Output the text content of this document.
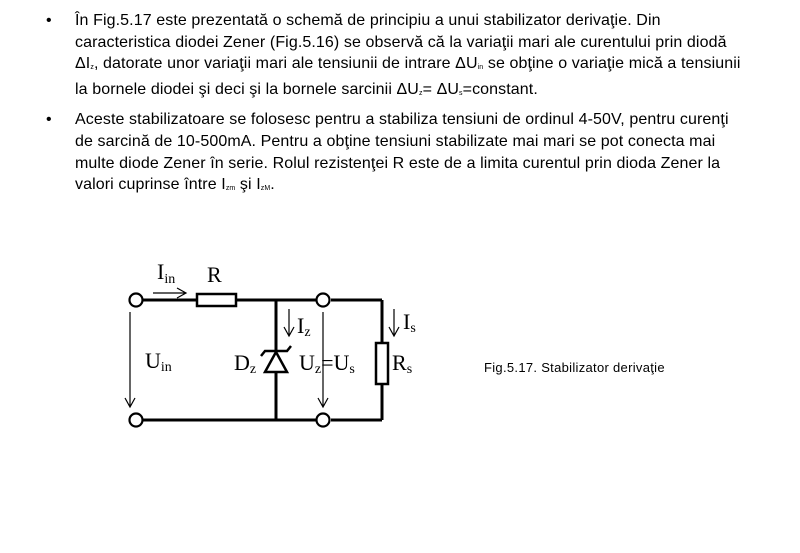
• În Fig.5.17 este prezentată o schemă de principiu a unui stabilizator derivaţie. Din caracteristica diodei Zener (Fig.5.16) se observă că la variaţii mari ale curentului prin diodă $\Delta I_z$, datorate unor variaţii mari ale tensiunii de intrare $\Delta U_{in}$ se obţine o variaţie mică a tensiunii la bornele diodei şi deci şi la bornele sarcinii $\Delta U_z=$ $\Delta U_s=constant$.
• Aceste stabilizatoare se folosesc pentru a stabiliza tensiuni de ordinul 4-50V, pentru curenţi de sarcină de 10-500mA. Pentru a obţine tensiuni stabilizate mai mari se pot conecta mai multe diode Zener în serie. Rolul rezistenţei R este de a limita curentul prin dioda Zener la valori cuprinse între $I_{zm}$ şi $I_{zM}$.
Iin R
Uin	Dz
Iz
Uz=Us
Is
Rs	Fig.5.17. Stabilizator derivaţie
